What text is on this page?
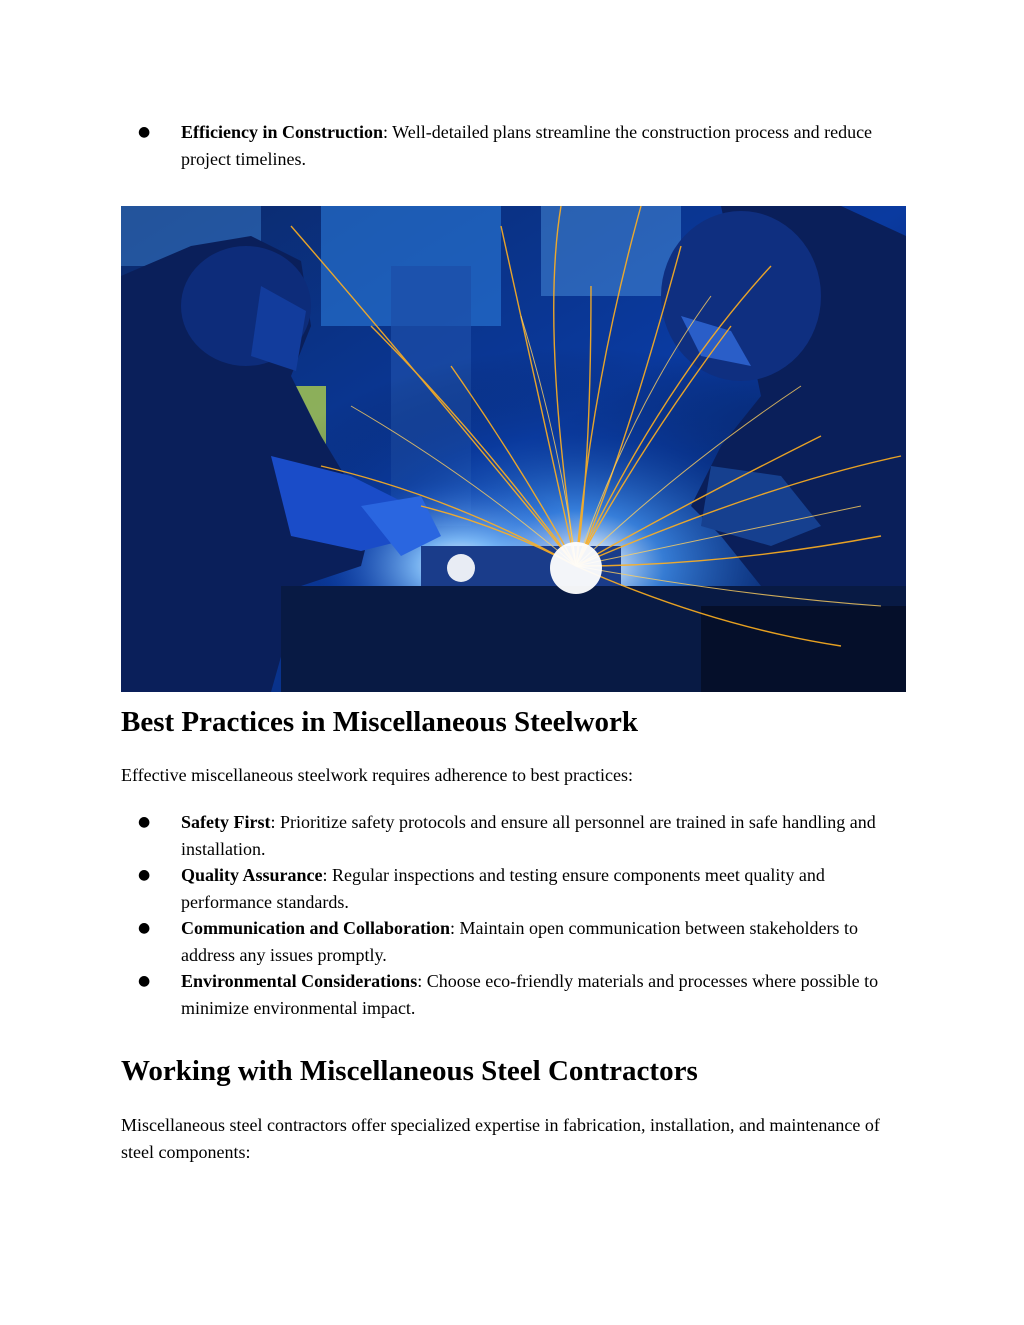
● Efficiency in Construction: Well-detailed plans streamline the construction process and reduce project timelines.
Best Practices in Miscellaneous Steelwork

Effective miscellaneous steelwork requires adherence to best practices:

● Safety First: Prioritize safety protocols and ensure all personnel are trained in safe handling and installation.
● Quality Assurance: Regular inspections and testing ensure components meet quality and performance standards.
● Communication and Collaboration: Maintain open communication between stakeholders to address any issues promptly.
● Environmental Considerations: Choose eco-friendly materials and processes where possible to minimize environmental impact.
Working with Miscellaneous Steel Contractors

Miscellaneous steel contractors offer specialized expertise in fabrication, installation, and maintenance of steel components:
